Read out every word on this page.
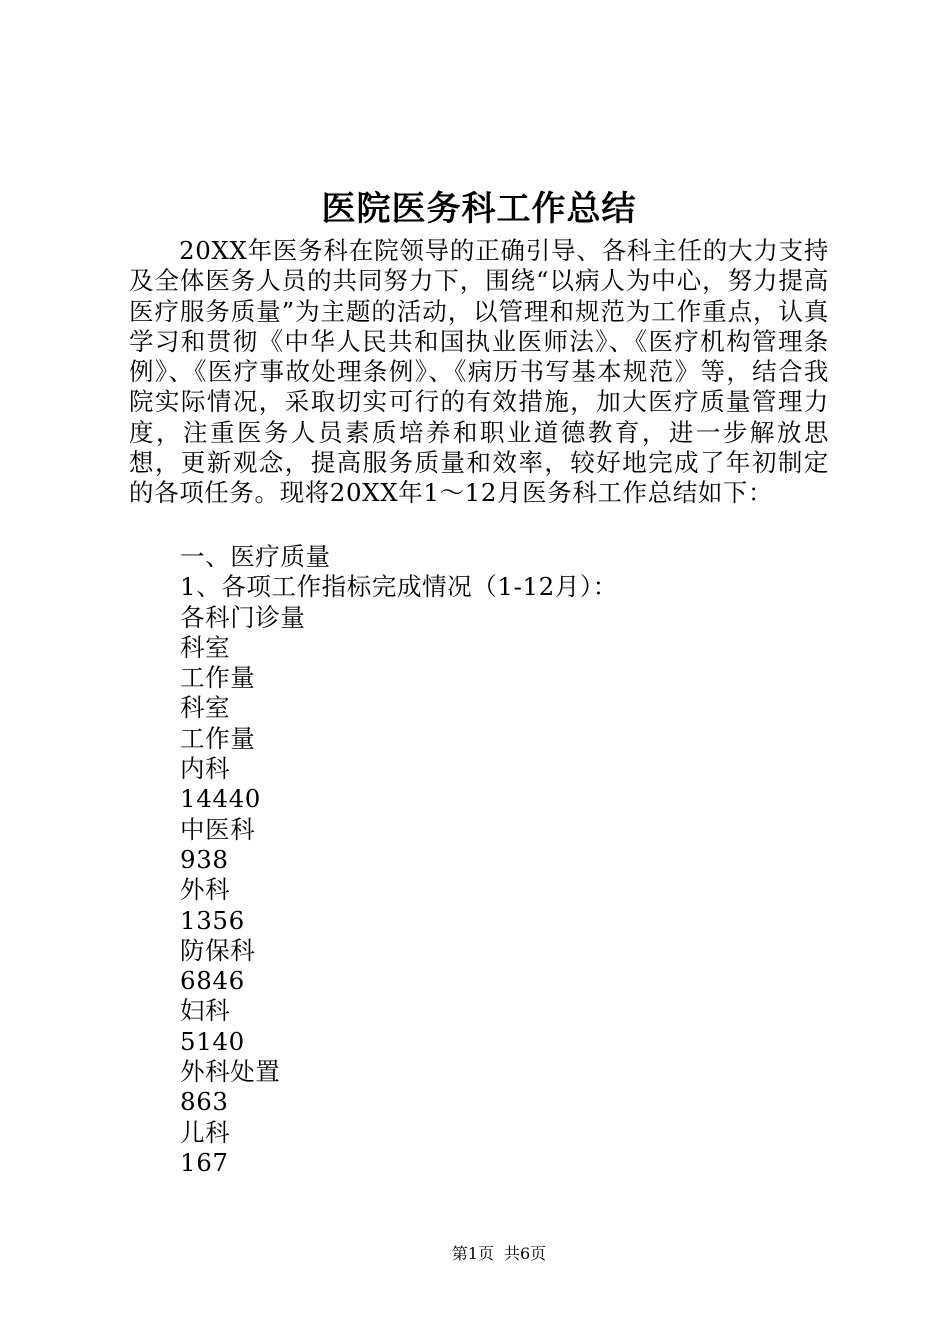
医院医务科工作总结

20XX年医务科在院领导的正确引导、各科主任的大力支持及全体医务人员的共同努力下，围绕“以病人为中心，努力提高医疗服务质量”为主题的活动，以管理和规范为工作重点，认真学习和贯彻《中华人民共和国执业医师法》、《医疗机构管理条例》、《医疗事故处理条例》、《病历书写基本规范》等，结合我院实际情况，采取切实可行的有效措施，加大医疗质量管理力度，注重医务人员素质培养和职业道德教育，进一步解放思想，更新观念，提高服务质量和效率，较好地完成了年初制定的各项任务。现将20XX年1～12月医务科工作总结如下：

一、医疗质量
1、各项工作指标完成情况（1-12月）：
各科门诊量
科室
工作量
科室
工作量
内科
14440
中医科
938
外科
1356
防保科
6846
妇科
5140
外科处置
863
儿科
167
第1页 共6页
